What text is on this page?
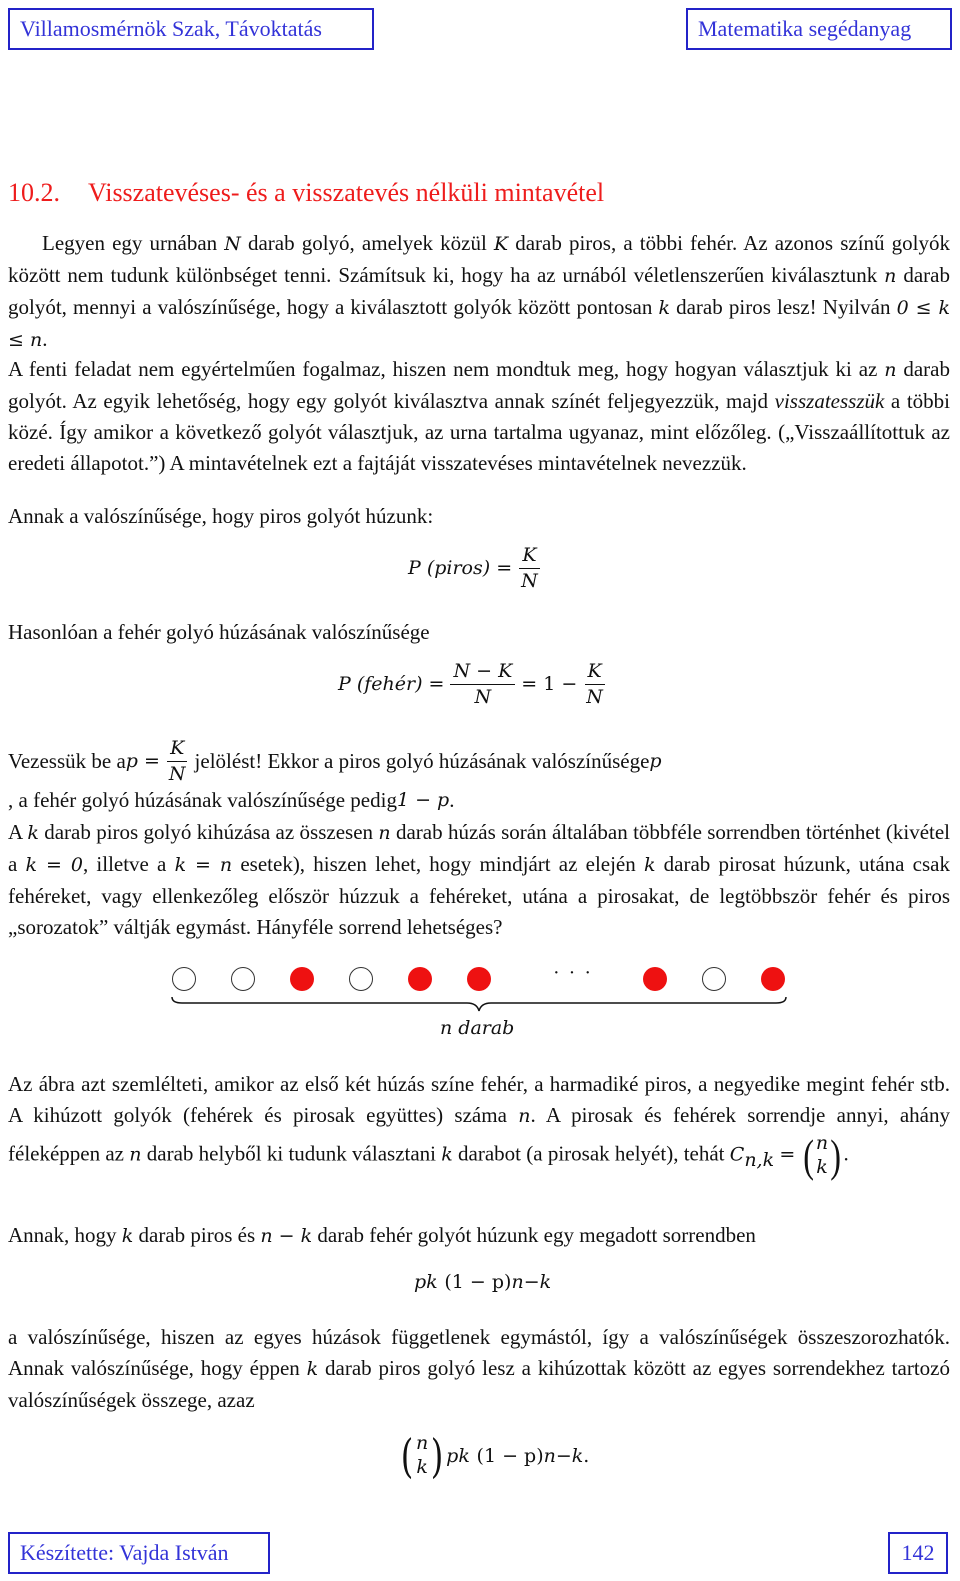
Villamosmérnök Szak, Távoktatás	Matematika segédanyag
10.2. Visszatevéses- és a visszatevés nélküli mintavétel

Legyen egy urnában N darab golyó, amelyek közül K darab piros, a többi fehér. Az azonos színű golyók között nem tudunk különbséget tenni. Számítsuk ki, hogy ha az urnából véletlenszerűen kiválasztunk n darab golyót, mennyi a valószínűsége, hogy a kiválasztott golyók között pontosan k darab piros lesz! Nyilván 0 ≤ k ≤ n.

A fenti feladat nem egyértelműen fogalmaz, hiszen nem mondtuk meg, hogy hogyan választjuk ki az n darab golyót. Az egyik lehetőség, hogy egy golyót kiválasztva annak színét feljegyezzük, majd visszatesszük a többi közé. Így amikor a következő golyót választjuk, az urna tartalma ugyanaz, mint előzőleg. („Visszaállítottuk az eredeti állapotot.”) A mintavételnek ezt a fajtáját visszatevéses mintavételnek nevezzük.

Annak a valószínűsége, hogy piros golyót húzunk:

P (piros) = $\frac{K}{N}$

Hasonlóan a fehér golyó húzásának valószínűsége

P (fehér) = $\frac{N - K}{N} = 1 - \frac{K}{N}$
Vezessük be a $p = \frac{K}{N}$ jelölést! Ekkor a piros golyó húzásának valószínűsége p
, a fehér golyó húzásának valószínűsége pedig 1 − p .

A k darab piros golyó kihúzása az összesen n darab húzás során általában többféle sorrendben történhet (kivétel a k = 0, illetve a k = n esetek), hiszen lehet, hogy mindjárt az elején k darab pirosat húzunk, utána csak fehéreket, vagy ellenkezőleg először húzzuk a fehéreket, utána a pirosakat, de legtöbbször fehér és piros „sorozatok” váltják egymást. Hányféle sorrend lehetséges?

· · ·
n darab

Az ábra azt szemlélteti, amikor az első két húzás színe fehér, a harmadiké piros, a negyedike megint fehér stb. A kihúzott golyók (fehérek és pirosak együttes) száma n. A pirosak és fehérek sorrendje annyi, ahány féleképpen az n darab helyből ki tudunk választani k darabot (a pirosak helyét), tehát $C_{n,k}$ = ( n
k ) .

Annak, hogy k darab piros és n − k darab fehér golyót húzunk egy megadott sorrendben

p k
(1 − p) n−k

a valószínűsége, hiszen az egyes húzások függetlenek egymástól, így a valószínűségek összeszorozhatók. Annak valószínűsége, hogy éppen k darab piros golyó lesz a kihúzottak között az egyes sorrendekhez tartozó valószínűségek összege, azaz

( n
k ) p k
(1 − p) n−k .
Készítette: Vajda István	142
